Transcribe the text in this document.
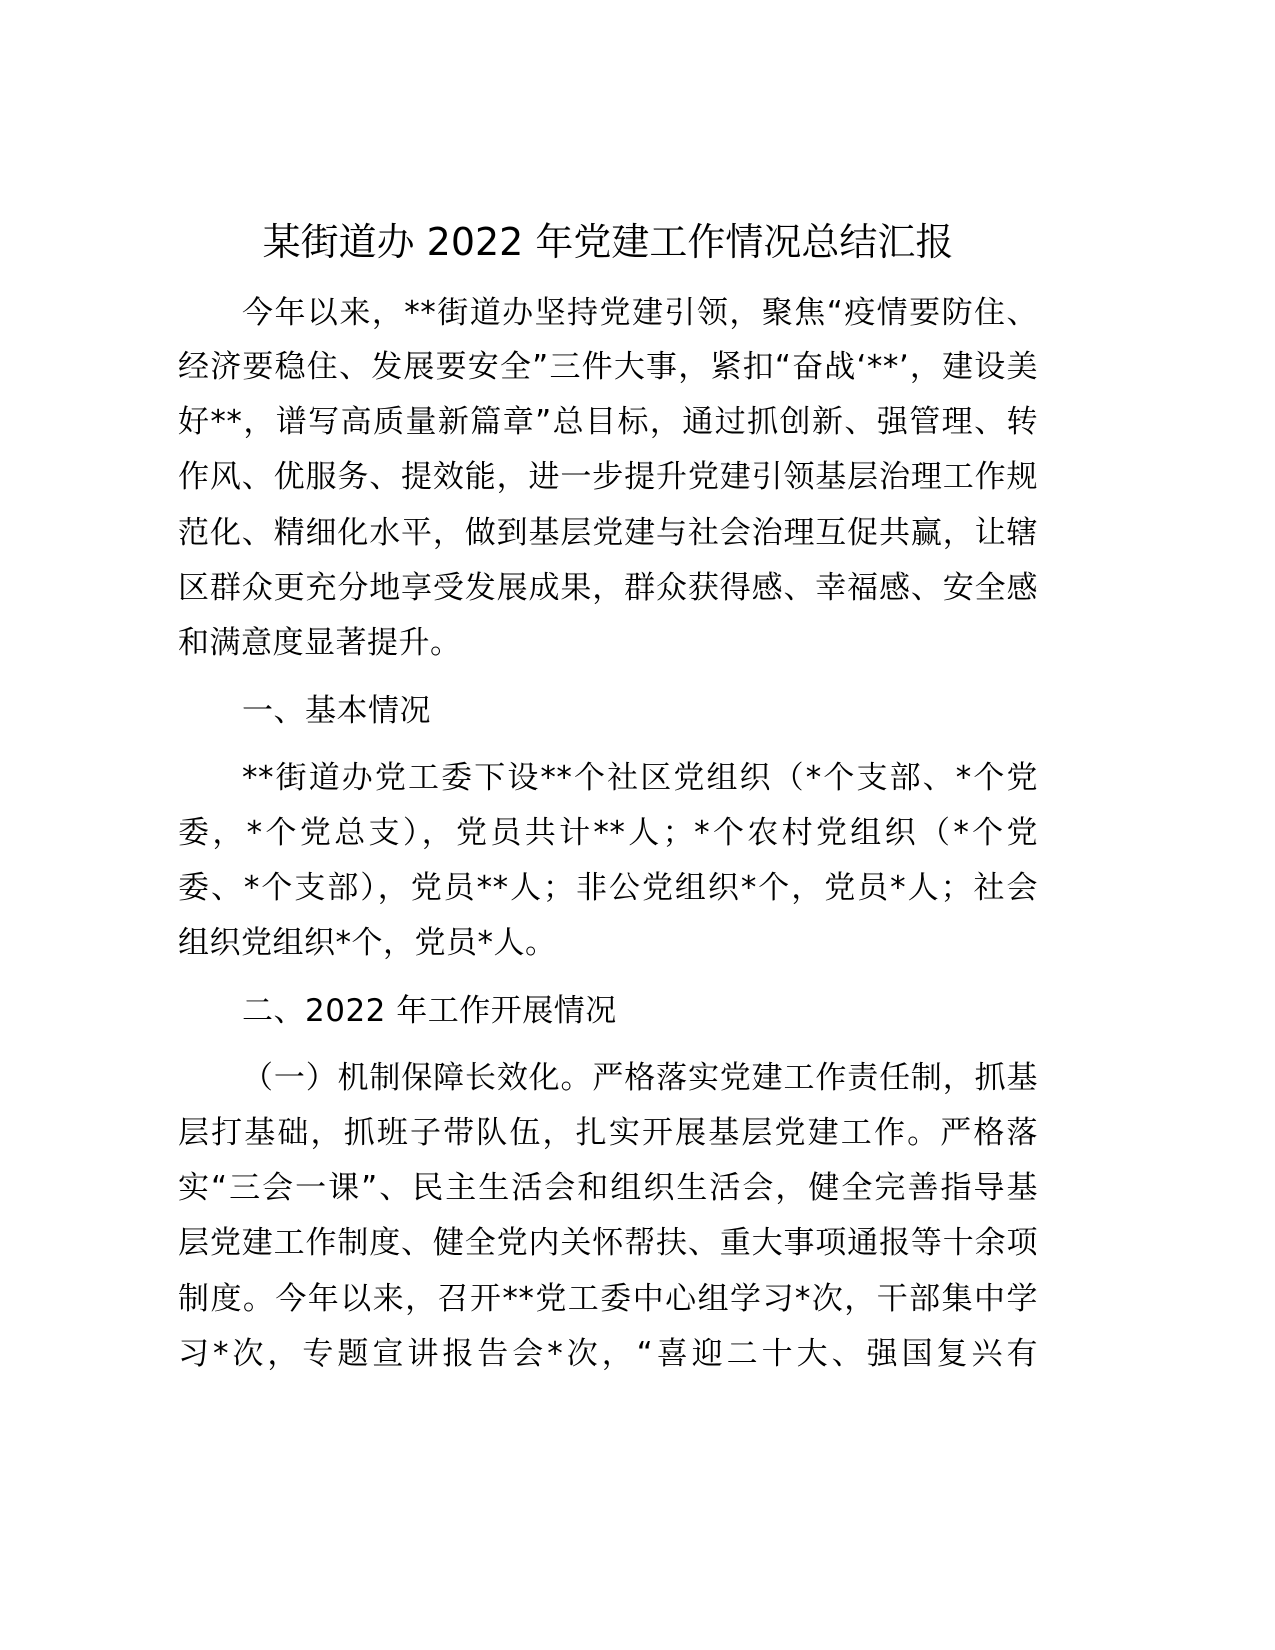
某街道办 2022 年党建工作情况总结汇报
今年以来，**街道办坚持党建引领，聚焦“疫情要防住、
经济要稳住、发展要安全”三件大事，紧扣“奋战‘**’，建设美
好**，谱写高质量新篇章”总目标，通过抓创新、强管理、转
作风、优服务、提效能，进一步提升党建引领基层治理工作规
范化、精细化水平，做到基层党建与社会治理互促共赢，让辖
区群众更充分地享受发展成果，群众获得感、幸福感、安全感
和满意度显著提升。
一、基本情况
**街道办党工委下设**个社区党组织（*个支部、*个党
委，*个党总支），党员共计**人；*个农村党组织（*个党
委、*个支部），党员**人；非公党组织*个，党员*人；社会
组织党组织*个，党员*人。
二、2022 年工作开展情况
（一）机制保障长效化。严格落实党建工作责任制，抓基
层打基础，抓班子带队伍，扎实开展基层党建工作。严格落
实“三会一课”、民主生活会和组织生活会，健全完善指导基
层党建工作制度、健全党内关怀帮扶、重大事项通报等十余项
制度。今年以来，召开**党工委中心组学习*次，干部集中学
习*次，专题宣讲报告会*次，“喜迎二十大、强国复兴有
